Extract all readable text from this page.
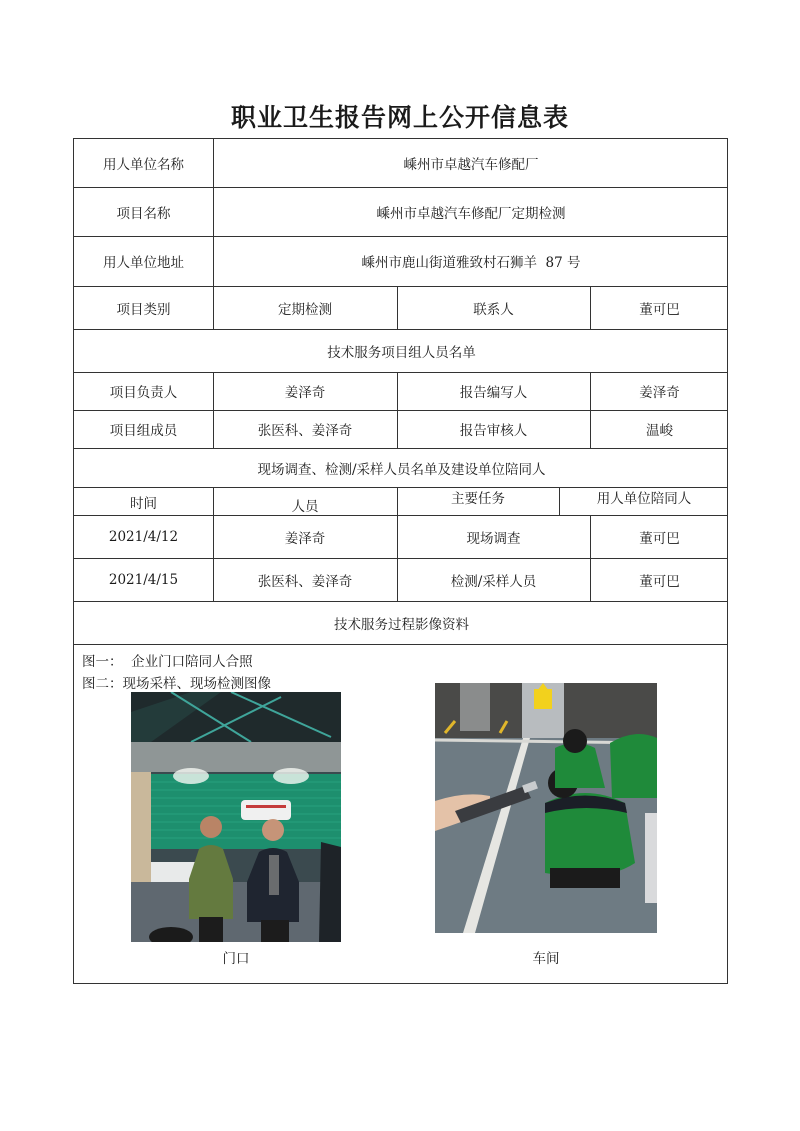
职业卫生报告网上公开信息表
用人单位名称	嵊州市卓越汽车修配厂
项目名称	嵊州市卓越汽车修配厂定期检测
用人单位地址	嵊州市鹿山街道雅致村石狮羊  87 号
项目类别	定期检测	联系人	董可巴
技术服务项目组人员名单
项目负责人	姜泽奇	报告编写人	姜泽奇
项目组成员	张医科、姜泽奇	报告审核人	温峻
现场调查、检测/采样人员名单及建设单位陪同人
时间	人员	主要任务	用人单位陪同人
2021/4/12	姜泽奇	现场调查	董可巴
2021/4/15	张医科、姜泽奇	检测/采样人员	董可巴
技术服务过程影像资料
图一：  企业门口陪同人合照
图二：现场采样、现场检测图像
门口	车间
